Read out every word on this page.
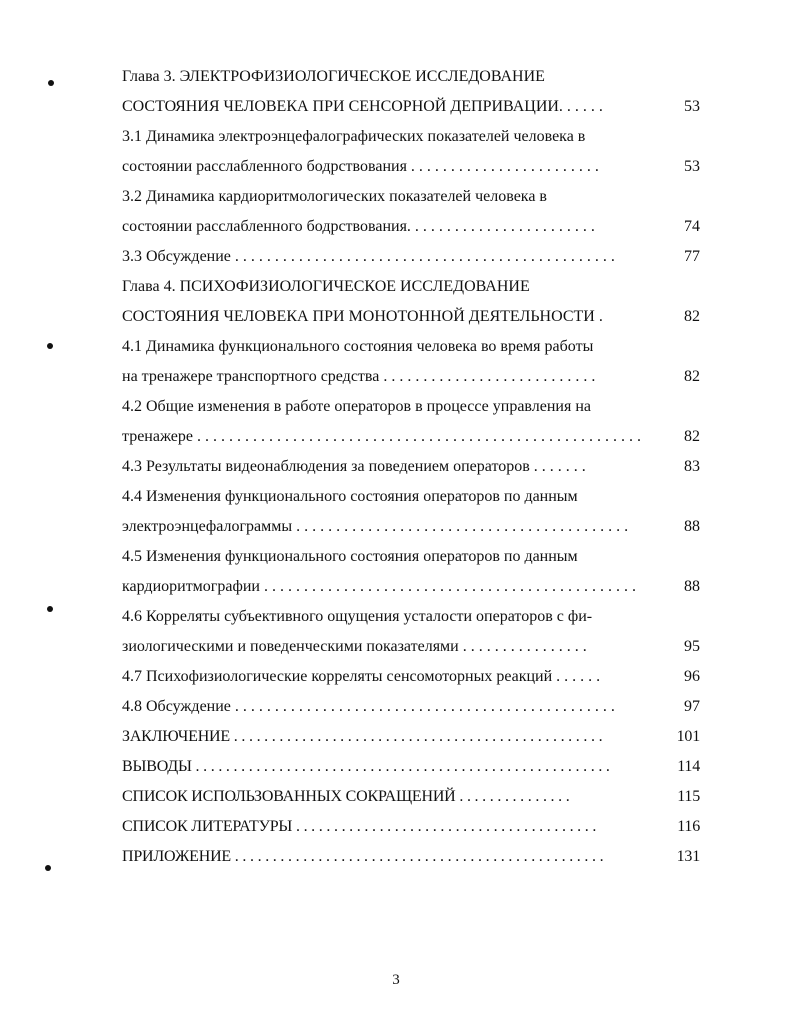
Глава 3. ЭЛЕКТРОФИЗИОЛОГИЧЕСКОЕ ИССЛЕДОВАНИЕ
СОСТОЯНИЯ ЧЕЛОВЕКА ПРИ СЕНСОРНОЙ ДЕПРИВАЦИИ. . . . . .	53
3.1 Динамика электроэнцефалографических показателей человека в
состоянии расслабленного бодрствования . . . . . . . . . . . . . . . . . . . . . . . .	53
3.2 Динамика кардиоритмологических показателей человека в
состоянии расслабленного бодрствования. . . . . . . . . . . . . . . . . . . . . . . .	74
3.3 Обсуждение . . . . . . . . . . . . . . . . . . . . . . . . . . . . . . . . . . . . . . . . . . . . . . . .	77
Глава 4. ПСИХОФИЗИОЛОГИЧЕСКОЕ ИССЛЕДОВАНИЕ
СОСТОЯНИЯ ЧЕЛОВЕКА ПРИ МОНОТОННОЙ ДЕЯТЕЛЬНОСТИ .	82
4.1 Динамика функционального состояния человека во время работы
на тренажере транспортного средства . . . . . . . . . . . . . . . . . . . . . . . . . . .	82
4.2 Общие изменения в работе операторов в процессе управления на
тренажере . . . . . . . . . . . . . . . . . . . . . . . . . . . . . . . . . . . . . . . . . . . . . . . . . . . . . . . .	82
4.3 Результаты видеонаблюдения за поведением операторов . . . . . . .	83
4.4 Изменения функционального состояния операторов по данным
электроэнцефалограммы . . . . . . . . . . . . . . . . . . . . . . . . . . . . . . . . . . . . . . . . . .	88
4.5 Изменения функционального состояния операторов по данным
кардиоритмографии . . . . . . . . . . . . . . . . . . . . . . . . . . . . . . . . . . . . . . . . . . . . . . .	88
4.6 Корреляты субъективного ощущения усталости операторов с фи-
зиологическими и поведенческими показателями . . . . . . . . . . . . . . . .	95
4.7 Психофизиологические корреляты сенсомоторных реакций . . . . . .	96
4.8 Обсуждение . . . . . . . . . . . . . . . . . . . . . . . . . . . . . . . . . . . . . . . . . . . . . . . .	97
ЗАКЛЮЧЕНИЕ . . . . . . . . . . . . . . . . . . . . . . . . . . . . . . . . . . . . . . . . . . . . . . . . .	101
ВЫВОДЫ . . . . . . . . . . . . . . . . . . . . . . . . . . . . . . . . . . . . . . . . . . . . . . . . . . . . . . .	114
СПИСОК ИСПОЛЬЗОВАННЫХ СОКРАЩЕНИЙ . . . . . . . . . . . . . . .	115
СПИСОК ЛИТЕРАТУРЫ . . . . . . . . . . . . . . . . . . . . . . . . . . . . . . . . . . . . . . . .	116
ПРИЛОЖЕНИЕ . . . . . . . . . . . . . . . . . . . . . . . . . . . . . . . . . . . . . . . . . . . . . . . . .	131
3
